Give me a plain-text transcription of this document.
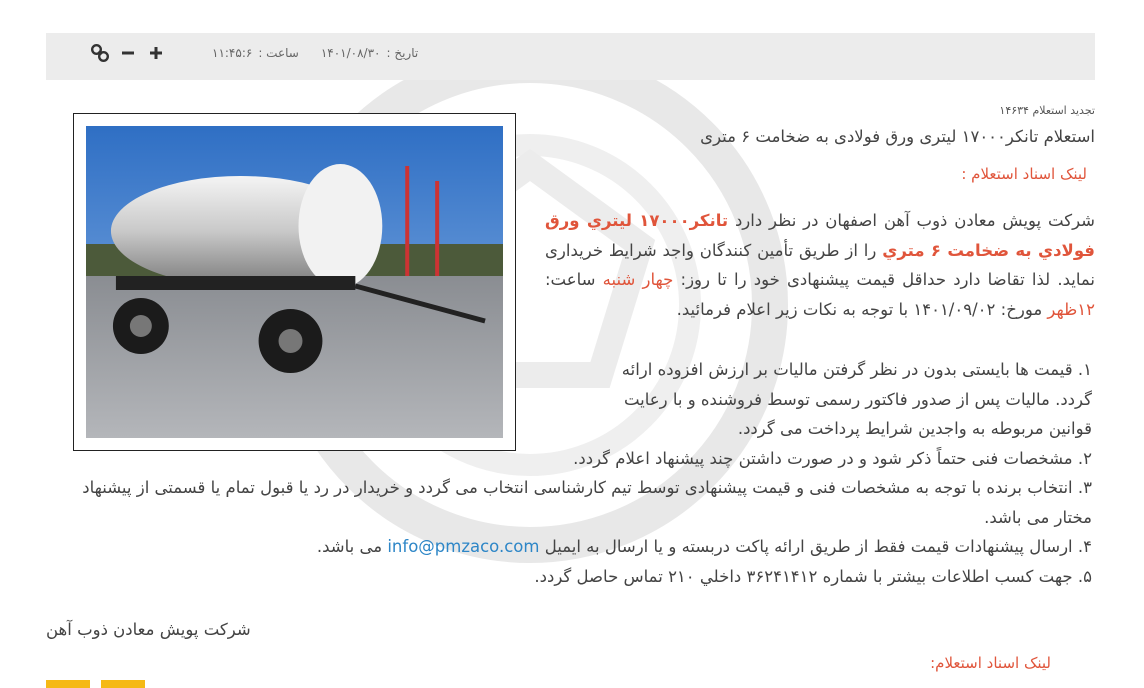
تاریخ :
۱۴۰۱/۰۸/۳۰
ساعت :
۱۱:۴۵:۶
تجدید استعلام ۱۴۶۳۴
استعلام تانکر۱۷۰۰۰ لیتری ورق فولادی به ضخامت ۶ متری
لینک اسناد استعلام :
شرکت پویش معادن ذوب آهن اصفهان در نظر دارد تانکر۱۷۰۰۰ ليتري ورق فولادي به ضخامت ۶ متري را از طریق تأمین کنندگان واجد شرایط خریداری نماید. لذا تقاضا دارد حداقل قیمت پیشنهادی خود را تا روز: چهار شنبه ساعت: ۱۲ظهر مورخ: ۱۴۰۱/۰۹/۰۲ با توجه به نکات زیر اعلام فرمائید.
۱. قیمت ها بایستی بدون در نظر گرفتن مالیات بر ارزش افزوده ارائه گردد. مالیات پس از صدور فاکتور رسمی توسط فروشنده و با رعایت قوانین مربوطه به واجدین شرایط پرداخت می گردد.
۲. مشخصات فنی حتماً ذکر شود و در صورت داشتن چند پیشنهاد اعلام گردد.
۳. انتخاب برنده با توجه به مشخصات فنی و قیمت پیشنهادی توسط تیم کارشناسی انتخاب می گردد و خریدار در رد یا قبول تمام یا قسمتی از پیشنهاد مختار می باشد.
۴. ارسال پیشنهادات قیمت فقط از طریق ارائه پاکت دربسته و یا ارسال به ایمیل info@pmzaco.com می باشد.
۵. جهت کسب اطلاعات بیشتر با شماره ۳۶۲۴۱۴۱۲ داخلي ۲۱۰ تماس حاصل گردد.
شرکت پویش معادن ذوب آهن
لینک اسناد استعلام:
